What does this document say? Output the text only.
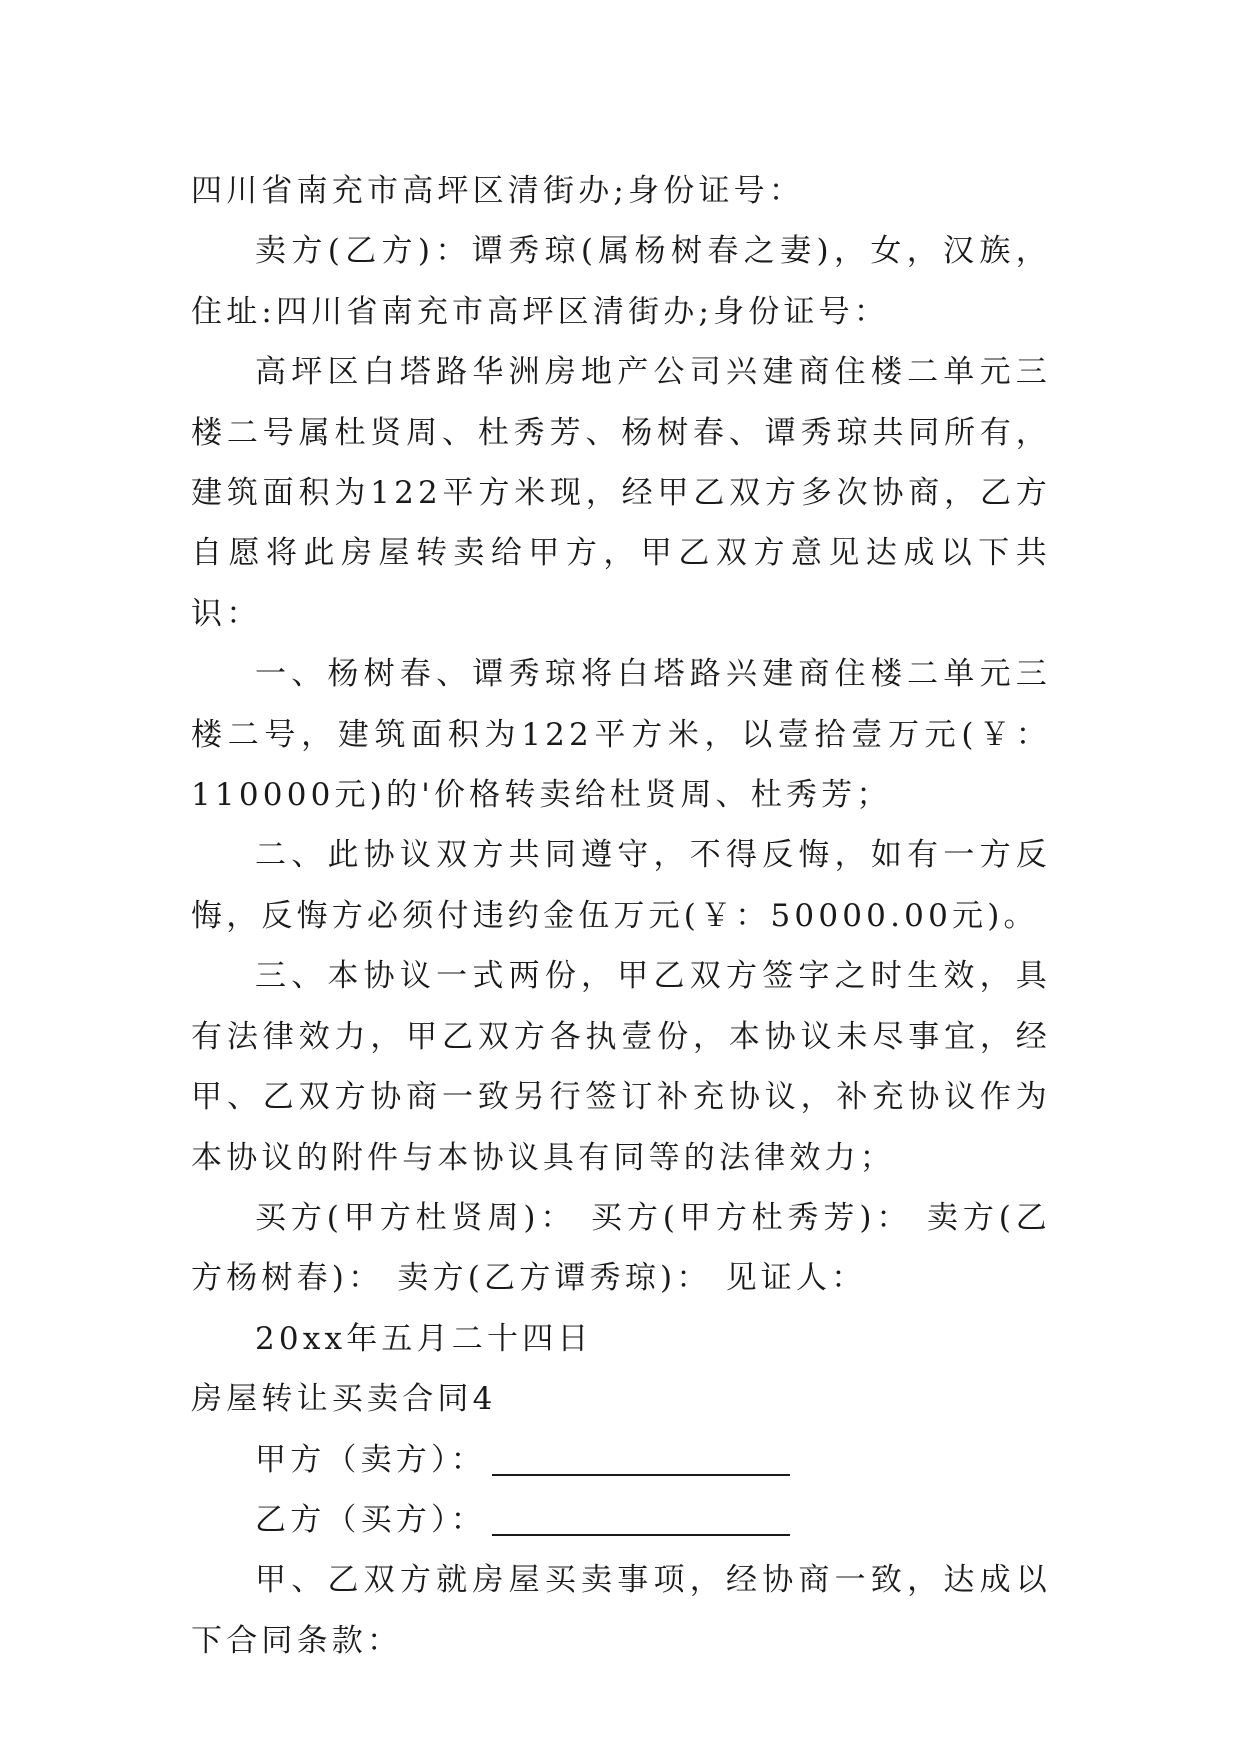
四川省南充市高坪区清街办;身份证号：

卖方(乙方)：谭秀琼(属杨树春之妻)，女，汉族，住址:四川省南充市高坪区清街办;身份证号：

高坪区白塔路华洲房地产公司兴建商住楼二单元三楼二号属杜贤周、杜秀芳、杨树春、谭秀琼共同所有，建筑面积为122平方米现，经甲乙双方多次协商，乙方自愿将此房屋转卖给甲方，甲乙双方意见达成以下共识：

一、杨树春、谭秀琼将白塔路兴建商住楼二单元三楼二号，建筑面积为122平方米，以壹拾壹万元(￥：110000元)的'价格转卖给杜贤周、杜秀芳；

二、此协议双方共同遵守，不得反悔，如有一方反悔，反悔方必须付违约金伍万元(￥：50000.00元)。

三、本协议一式两份，甲乙双方签字之时生效，具有法律效力，甲乙双方各执壹份，本协议未尽事宜，经甲、乙双方协商一致另行签订补充协议，补充协议作为本协议的附件与本协议具有同等的法律效力；

买方(甲方杜贤周)： 买方(甲方杜秀芳)： 卖方(乙方杨树春)： 卖方(乙方谭秀琼)： 见证人：

20xx年五月二十四日

房屋转让买卖合同4

甲方（卖方）：

乙方（买方）：

甲、乙双方就房屋买卖事项，经协商一致，达成以下合同条款：
